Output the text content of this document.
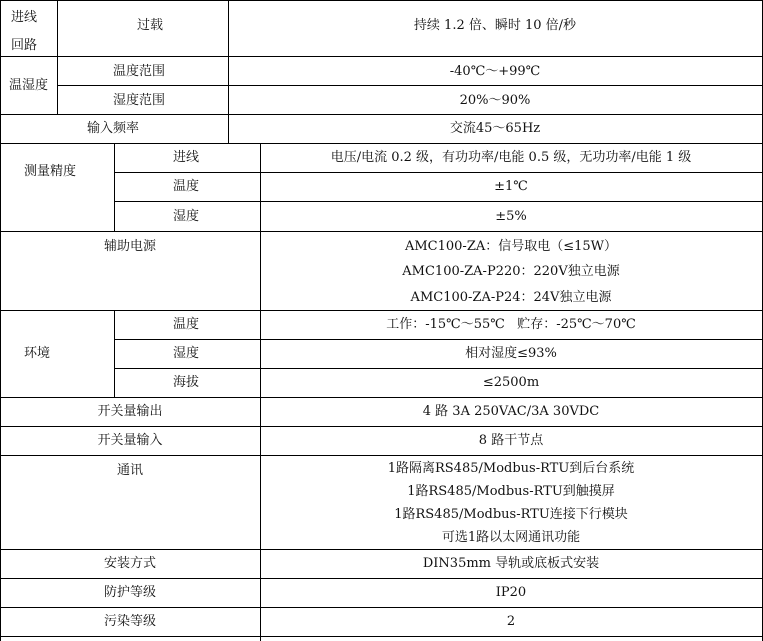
进线
回路
过载	持续 1.2 倍、瞬时 10 倍/秒
温湿度
温度范围	-40℃～+99℃
湿度范围	20%～90%
输入频率	交流45～65Hz
测量精度
进线	电压/电流 0.2 级，有功功率/电能 0.5 级，无功功率/电能 1 级
温度	±1℃
湿度	±5%
辅助电源	AMC100-ZA：信号取电（≤15W）
AMC100-ZA-P220：220V独立电源
AMC100-ZA-P24：24V独立电源
环境
温度	工作：-15℃～55℃   贮存：-25℃～70℃
湿度	相对湿度≤93%
海拔	≤2500m
开关量输出	4 路 3A 250VAC/3A 30VDC
开关量输入	8 路干节点
通讯	1路隔离RS485/Modbus-RTU到后台系统
1路RS485/Modbus-RTU到触摸屏
1路RS485/Modbus-RTU连接下行模块
可选1路以太网通讯功能
安装方式	DIN35mm 导轨或底板式安装
防护等级	IP20
污染等级	2
